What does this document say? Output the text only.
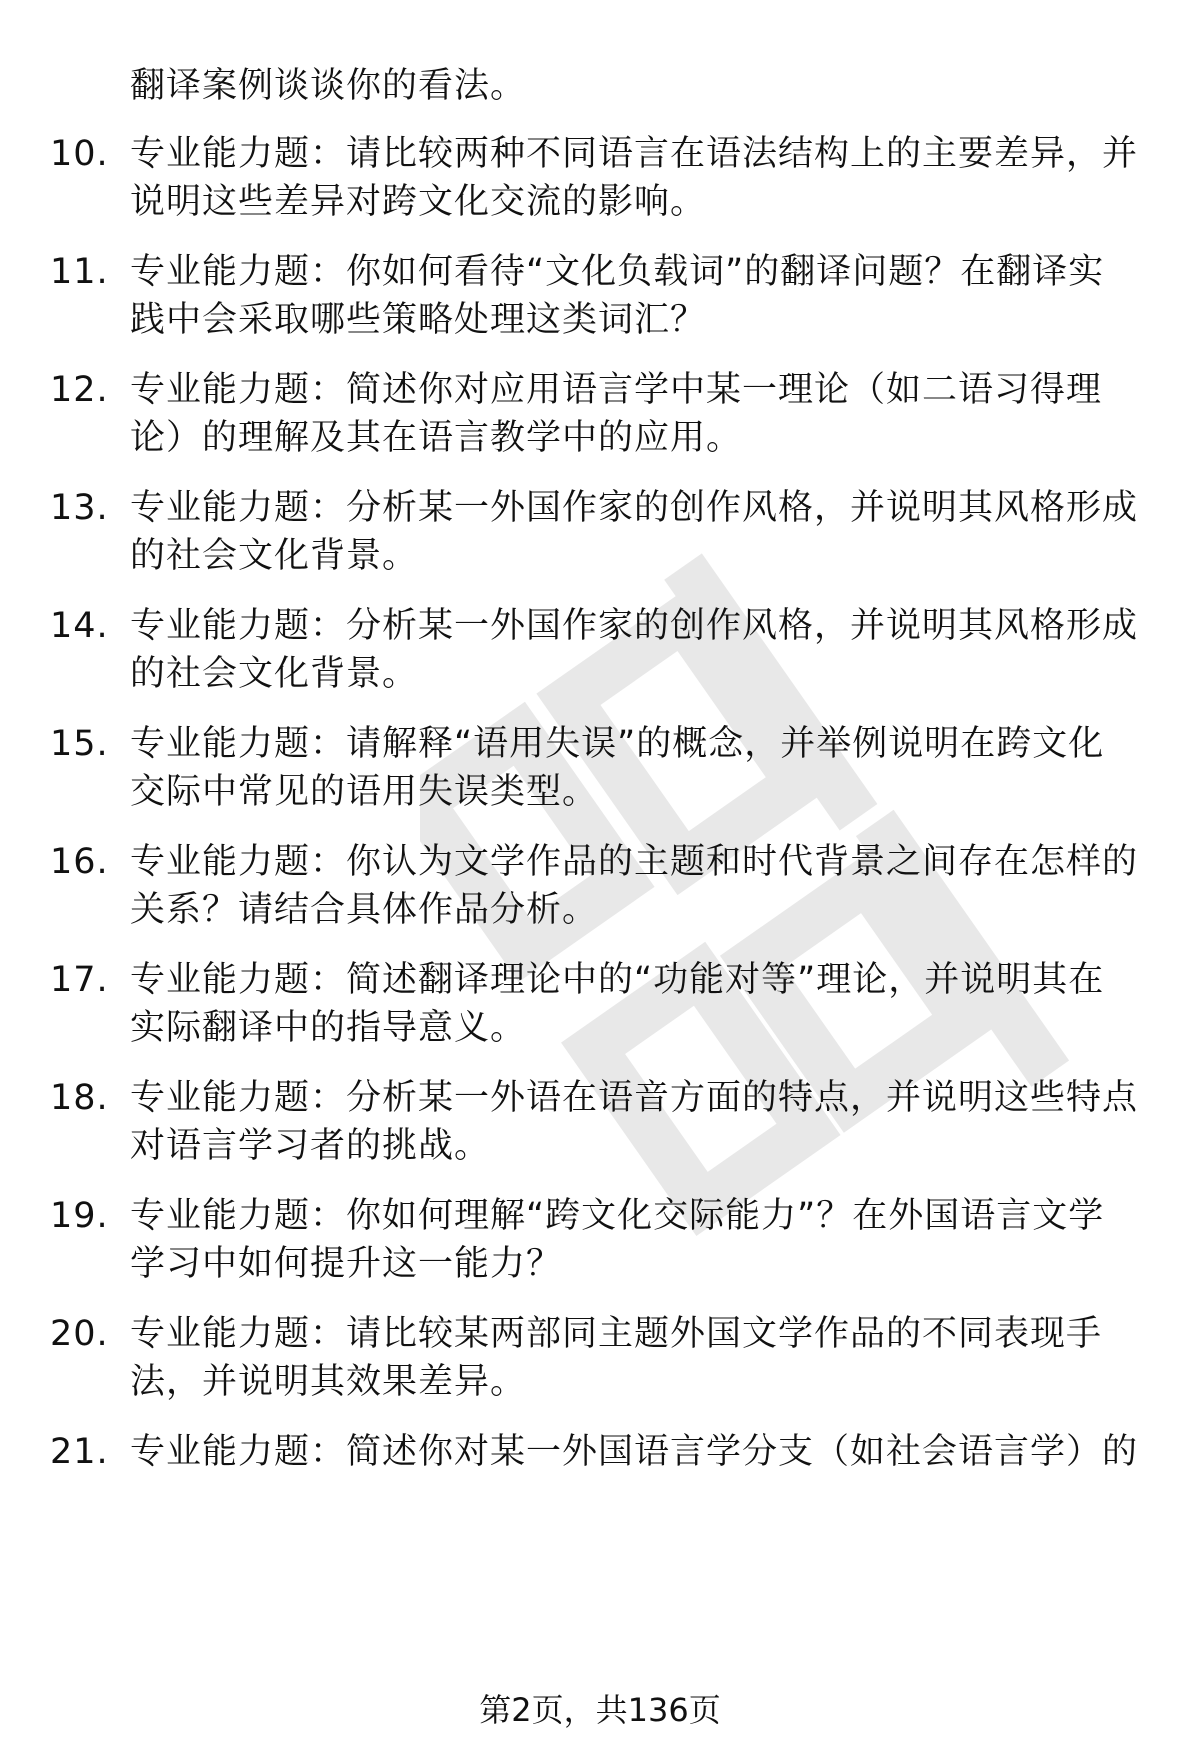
翻译案例谈谈你的看法。
10. 专业能力题：请比较两种不同语言在语法结构上的主要差异，并说明这些差异对跨文化交流的影响。
11. 专业能力题：你如何看待“文化负载词”的翻译问题？在翻译实践中会采取哪些策略处理这类词汇？
12. 专业能力题：简述你对应用语言学中某一理论（如二语习得理论）的理解及其在语言教学中的应用。
13. 专业能力题：分析某一外国作家的创作风格，并说明其风格形成的社会文化背景。
14. 专业能力题：分析某一外国作家的创作风格，并说明其风格形成的社会文化背景。
15. 专业能力题：请解释“语用失误”的概念，并举例说明在跨文化交际中常见的语用失误类型。
16. 专业能力题：你认为文学作品的主题和时代背景之间存在怎样的关系？请结合具体作品分析。
17. 专业能力题：简述翻译理论中的“功能对等”理论，并说明其在实际翻译中的指导意义。
18. 专业能力题：分析某一外语在语音方面的特点，并说明这些特点对语言学习者的挑战。
19. 专业能力题：你如何理解“跨文化交际能力”？在外国语言文学学习中如何提升这一能力？
20. 专业能力题：请比较某两部同主题外国文学作品的不同表现手法，并说明其效果差异。
21. 专业能力题：简述你对某一外国语言学分支（如社会语言学）的
第2页，共136页
